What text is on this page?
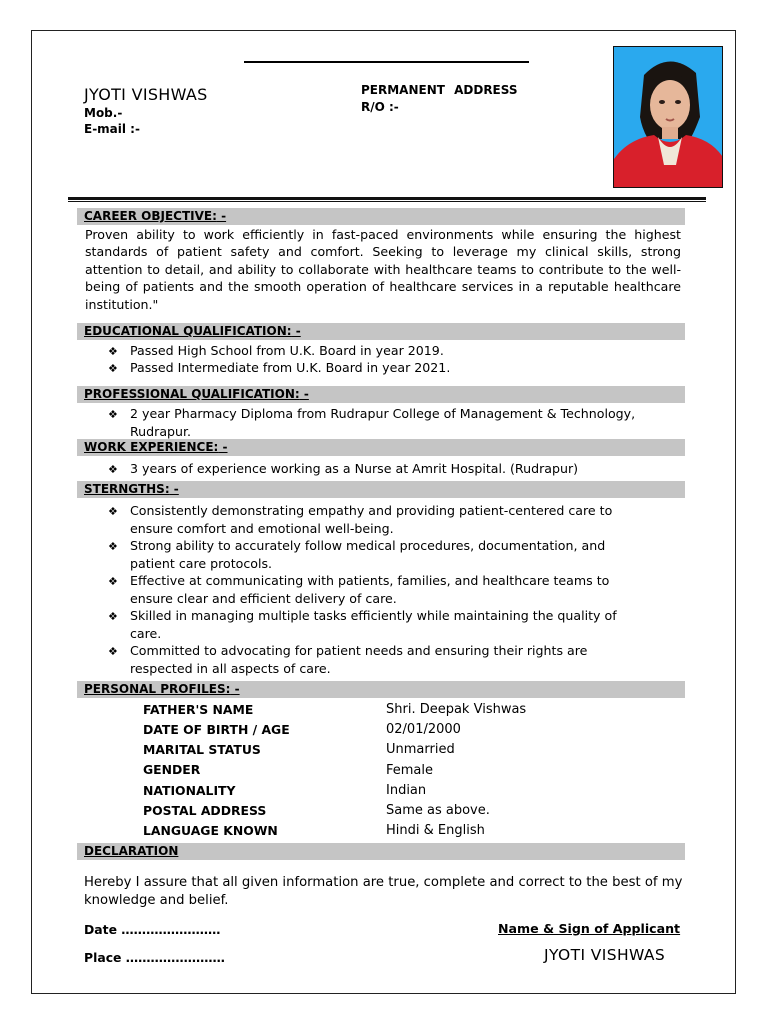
JYOTI VISHWAS
Mob.-
E-mail :-
PERMANENT ADDRESS
R/O :-
CAREER OBJECTIVE: -
Proven ability to work efficiently in fast-paced environments while ensuring the highest standards of patient safety and comfort. Seeking to leverage my clinical skills, strong attention to detail, and ability to collaborate with healthcare teams to contribute to the well-being of patients and the smooth operation of healthcare services in a reputable healthcare institution."
EDUCATIONAL QUALIFICATION: -
❖ Passed High School from U.K. Board in year 2019.
❖ Passed Intermediate from U.K. Board in year 2021.
PROFESSIONAL QUALIFICATION: -
❖ 2 year Pharmacy Diploma from Rudrapur College of Management & Technology,
Rudrapur.
WORK EXPERIENCE: -
❖ 3 years of experience working as a Nurse at Amrit Hospital. (Rudrapur)
STERNGTHS: -
❖ Consistently demonstrating empathy and providing patient-centered care to
ensure comfort and emotional well-being.
❖ Strong ability to accurately follow medical procedures, documentation, and
patient care protocols.
❖ Effective at communicating with patients, families, and healthcare teams to
ensure clear and efficient delivery of care.
❖ Skilled in managing multiple tasks efficiently while maintaining the quality of
care.
❖ Committed to advocating for patient needs and ensuring their rights are
respected in all aspects of care.
PERSONAL PROFILES: -
FATHER'S NAME	Shri. Deepak Vishwas
DATE OF BIRTH / AGE	02/01/2000
MARITAL STATUS	Unmarried
GENDER	Female
NATIONALITY	Indian
POSTAL ADDRESS	Same as above.
LANGUAGE KNOWN	Hindi & English
DECLARATION
Hereby I assure that all given information are true, complete and correct to the best of my knowledge and belief.
Date ……………………
Place ……………………
Name & Sign of Applicant
JYOTI VISHWAS
